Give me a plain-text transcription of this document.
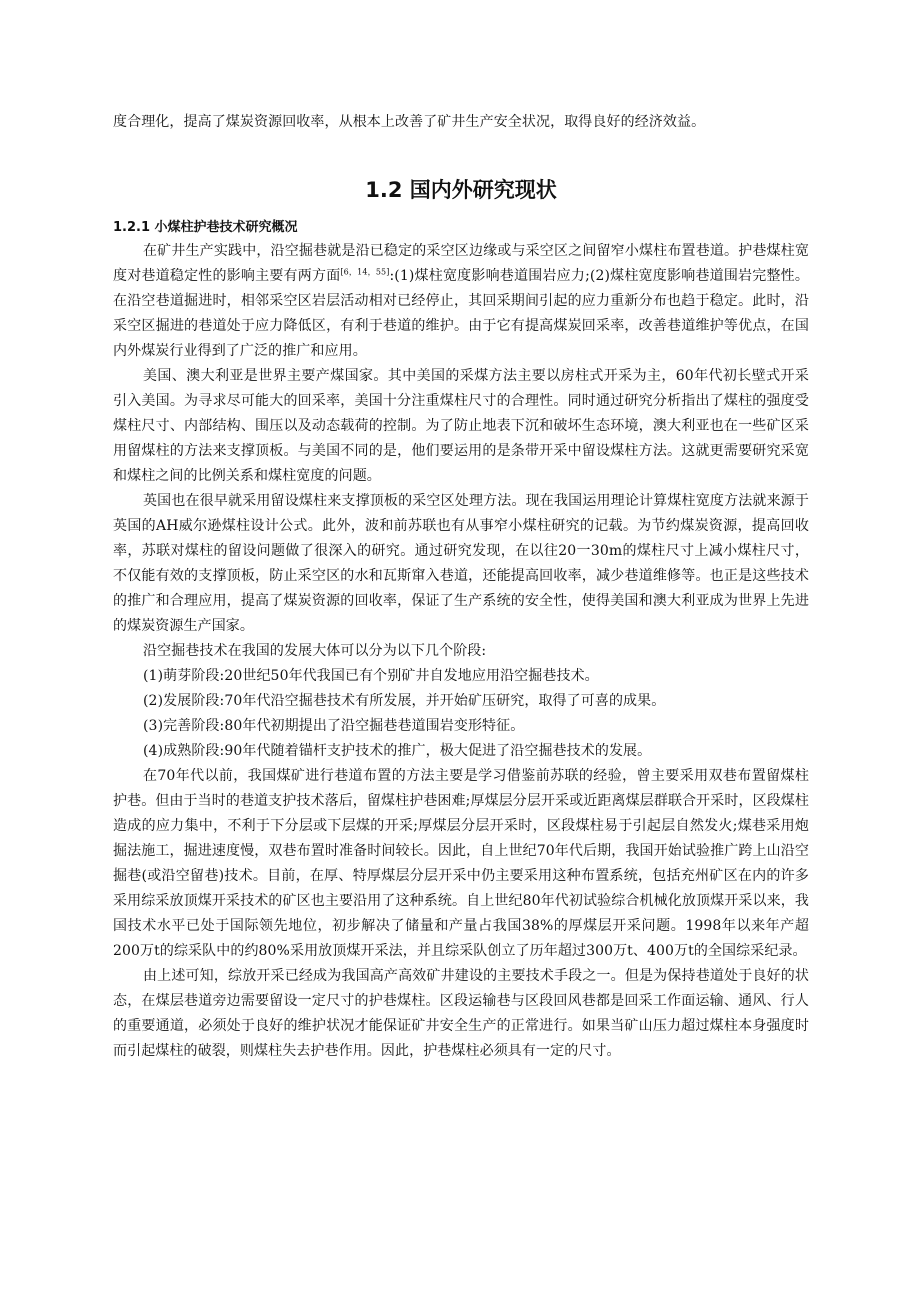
度合理化，提高了煤炭资源回收率，从根本上改善了矿井生产安全状况，取得良好的经济效益。

1.2 国内外研究现状
1.2.1 小煤柱护巷技术研究概况

在矿井生产实践中，沿空掘巷就是沿已稳定的采空区边缘或与采空区之间留窄小煤柱布置巷道。护巷煤柱宽度对巷道稳定性的影响主要有两方面[6，14，55]:(1)煤柱宽度影响巷道围岩应力;(2)煤柱宽度影响巷道围岩完整性。在沿空巷道掘进时，相邻采空区岩层活动相对已经停止，其回采期间引起的应力重新分布也趋于稳定。此时，沿采空区掘进的巷道处于应力降低区，有利于巷道的维护。由于它有提高煤炭回采率，改善巷道维护等优点，在国内外煤炭行业得到了广泛的推广和应用。

美国、澳大利亚是世界主要产煤国家。其中美国的采煤方法主要以房柱式开采为主，60年代初长壁式开采引入美国。为寻求尽可能大的回采率，美国十分注重煤柱尺寸的合理性。同时通过研究分析指出了煤柱的强度受煤柱尺寸、内部结构、围压以及动态载荷的控制。为了防止地表下沉和破坏生态环境，澳大利亚也在一些矿区采用留煤柱的方法来支撑顶板。与美国不同的是，他们要运用的是条带开采中留设煤柱方法。这就更需要研究采宽和煤柱之间的比例关系和煤柱宽度的问题。

英国也在很早就采用留设煤柱来支撑顶板的采空区处理方法。现在我国运用理论计算煤柱宽度方法就来源于英国的AH威尔逊煤柱设计公式。此外，波和前苏联也有从事窄小煤柱研究的记载。为节约煤炭资源，提高回收率，苏联对煤柱的留设问题做了很深入的研究。通过研究发现，在以往20一30m的煤柱尺寸上减小煤柱尺寸，不仅能有效的支撑顶板，防止采空区的水和瓦斯窜入巷道，还能提高回收率，减少巷道维修等。也正是这些技术的推广和合理应用，提高了煤炭资源的回收率，保证了生产系统的安全性，使得美国和澳大利亚成为世界上先进的煤炭资源生产国家。

沿空掘巷技术在我国的发展大体可以分为以下几个阶段:

(1)萌芽阶段:20世纪50年代我国已有个别矿井自发地应用沿空掘巷技术。

(2)发展阶段:70年代沿空掘巷技术有所发展，并开始矿压研究，取得了可喜的成果。

(3)完善阶段:80年代初期提出了沿空掘巷巷道围岩变形特征。

(4)成熟阶段:90年代随着锚杆支护技术的推广，极大促进了沿空掘巷技术的发展。

在70年代以前，我国煤矿进行巷道布置的方法主要是学习借鉴前苏联的经验，曾主要采用双巷布置留煤柱护巷。但由于当时的巷道支护技术落后，留煤柱护巷困难;厚煤层分层开采或近距离煤层群联合开采时，区段煤柱造成的应力集中，不利于下分层或下层煤的开采;厚煤层分层开采时，区段煤柱易于引起层自然发火;煤巷采用炮掘法施工，掘进速度慢，双巷布置时准备时间较长。因此，自上世纪70年代后期，我国开始试验推广跨上山沿空掘巷(或沿空留巷)技术。目前，在厚、特厚煤层分层开采中仍主要采用这种布置系统，包括充州矿区在内的许多采用综采放顶煤开采技术的矿区也主要沿用了这种系统。自上世纪80年代初试验综合机械化放顶煤开采以来，我国技术水平已处于国际领先地位，初步解决了储量和产量占我国38%的厚煤层开采问题。1998年以来年产超200万t的综采队中的约80%采用放顶煤开采法，并且综采队创立了历年超过300万t、400万t的全国综采纪录。

由上述可知，综放开采已经成为我国高产高效矿井建设的主要技术手段之一。但是为保持巷道处于良好的状态，在煤层巷道旁边需要留设一定尺寸的护巷煤柱。区段运输巷与区段回风巷都是回采工作面运输、通风、行人的重要通道，必须处于良好的维护状况才能保证矿井安全生产的正常进行。如果当矿山压力超过煤柱本身强度时而引起煤柱的破裂，则煤柱失去护巷作用。因此，护巷煤柱必须具有一定的尺寸。
